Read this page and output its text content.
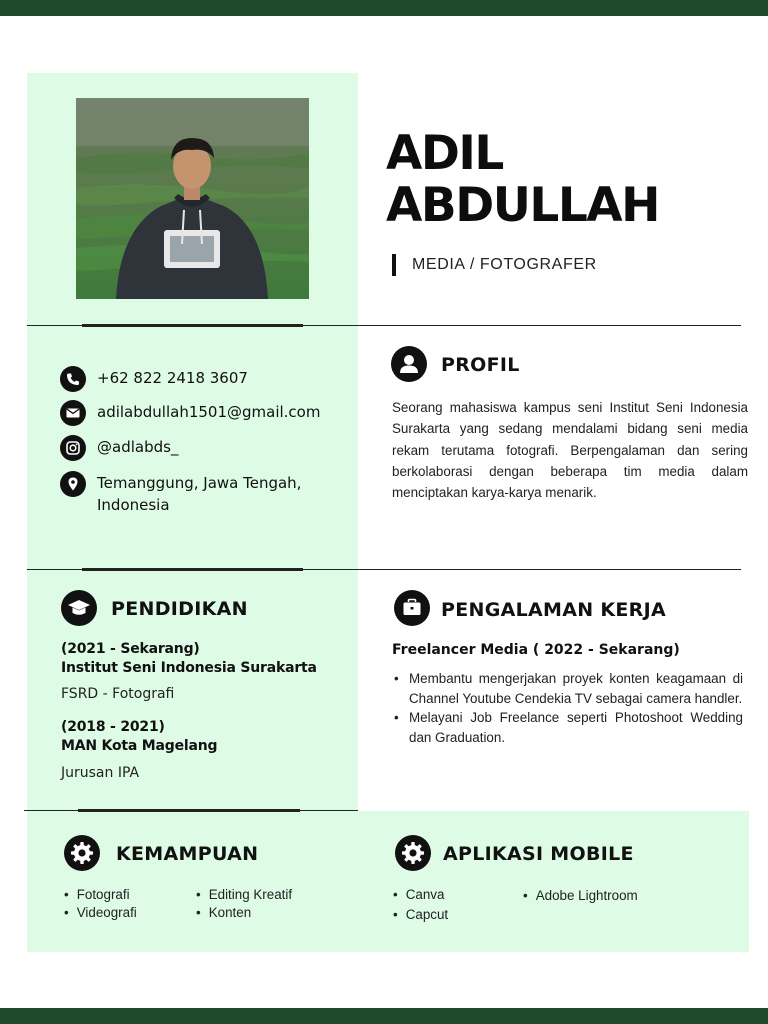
ADIL
ABDULLAH
MEDIA / FOTOGRAFER
+62 822 2418 3607
adilabdullah1501@gmail.com
@adlabds_
Temanggung, Jawa Tengah,
Indonesia
PROFIL

Seorang mahasiswa kampus seni Institut Seni Indonesia Surakarta yang sedang mendalami bidang seni media rekam terutama fotografi. Berpengalaman dan sering berkolaborasi dengan beberapa tim media dalam menciptakan karya-karya menarik.

PENDIDIKAN
(2021 - Sekarang)
Institut Seni Indonesia Surakarta
FSRD - Fotografi
(2018 - 2021)
MAN Kota Magelang
Jurusan IPA
PENGALAMAN KERJA
Freelancer Media ( 2022 - Sekarang)
• Membantu mengerjakan proyek konten keagamaan di Channel Youtube Cendekia TV sebagai camera handler.
• Melayani Job Freelance seperti Photoshoot Wedding dan Graduation.
KEMAMPUAN
• Fotografi
• Videografi
• Editing Kreatif
• Konten
APLIKASI MOBILE
• Canva
• Capcut
• Adobe Lightroom
